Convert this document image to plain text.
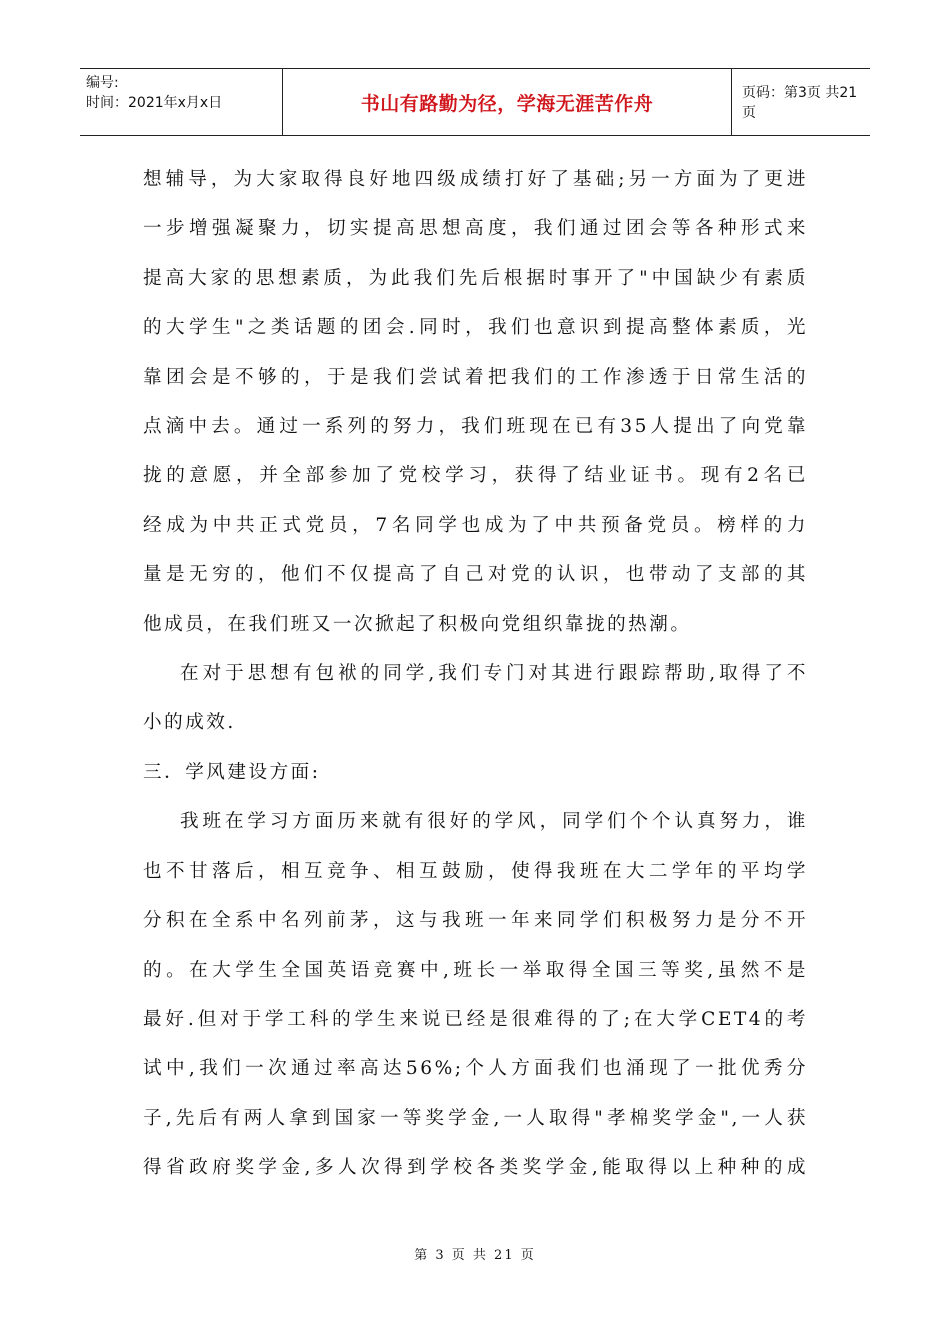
编号:
时间：2021年x月x日	书山有路勤为径，学海无涯苦作舟	页码：第3页 共21页
想辅导，为大家取得良好地四级成绩打好了基础;另一方面为了更进
一步增强凝聚力，切实提高思想高度，我们通过团会等各种形式来
提高大家的思想素质，为此我们先后根据时事开了"中国缺少有素质
的大学生"之类话题的团会.同时，我们也意识到提高整体素质，光
靠团会是不够的，于是我们尝试着把我们的工作渗透于日常生活的
点滴中去。通过一系列的努力，我们班现在已有35人提出了向党靠
拢的意愿，并全部参加了党校学习，获得了结业证书。现有2名已
经成为中共正式党员，7名同学也成为了中共预备党员。榜样的力
量是无穷的，他们不仅提高了自己对党的认识，也带动了支部的其
他成员，在我们班又一次掀起了积极向党组织靠拢的热潮。
在对于思想有包袱的同学,我们专门对其进行跟踪帮助,取得了不
小的成效.
三．学风建设方面:
我班在学习方面历来就有很好的学风，同学们个个认真努力，谁
也不甘落后，相互竞争、相互鼓励，使得我班在大二学年的平均学
分积在全系中名列前茅，这与我班一年来同学们积极努力是分不开
的。在大学生全国英语竞赛中,班长一举取得全国三等奖,虽然不是
最好.但对于学工科的学生来说已经是很难得的了;在大学CET4的考
试中,我们一次通过率高达56%;个人方面我们也涌现了一批优秀分
子,先后有两人拿到国家一等奖学金,一人取得"孝棉奖学金",一人获
得省政府奖学金,多人次得到学校各类奖学金,能取得以上种种的成
第 3 页 共 21 页
